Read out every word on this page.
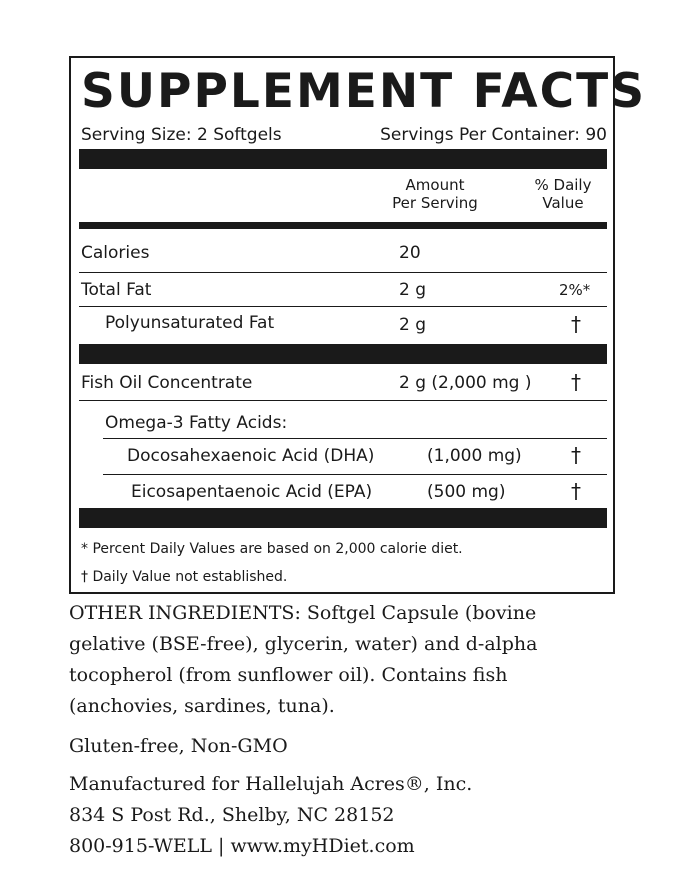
SUPPLEMENT FACTS
Serving Size: 2 Softgels	Servings Per Container: 90
Amount
Per Serving
% Daily
Value
Calories	20
Total Fat	2 g	2%*
Polyunsaturated Fat	2 g	†
Fish Oil Concentrate	2 g (2,000 mg ) †
Omega-3 Fatty Acids:
Docosahexaenoic Acid (DHA)	(1,000 mg) †
Eicosapentaenoic Acid (EPA)	(500 mg)	†
* Percent Daily Values are based on 2,000 calorie diet.
† Daily Value not established.

OTHER INGREDIENTS: Softgel Capsule (bovine

gelative (BSE-free), glycerin, water) and d-alpha

tocopherol (from sunflower oil). Contains fish

(anchovies, sardines, tuna).

Gluten-free, Non-GMO

Manufactured for Hallelujah Acres®, Inc.

834 S Post Rd., Shelby, NC 28152

800-915-WELL | www.myHDiet.com
